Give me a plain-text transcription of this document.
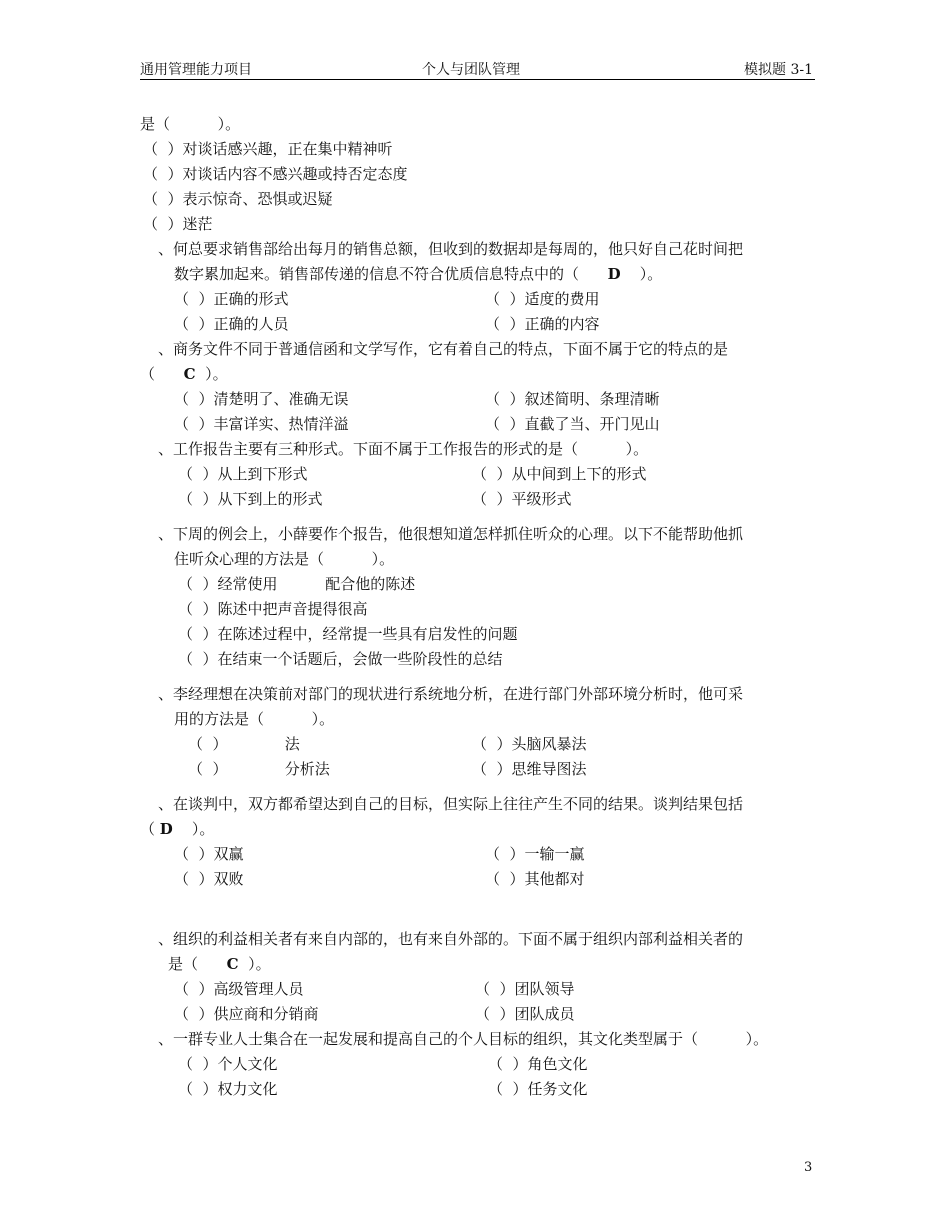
通用管理能力项目	个人与团队管理	模拟题 3-1
是（          ）。
（  ）对谈话感兴趣，正在集中精神听
（  ）对谈话内容不感兴趣或持否定态度
（  ）表示惊奇、恐惧或迟疑
（  ）迷茫
、何总要求销售部给出每月的销售总额，但收到的数据却是每周的，他只好自己花时间把
数字累加起来。销售部传递的信息不符合优质信息特点中的（ D ）。
（  ）正确的形式	（  ）适度的费用
（  ）正确的人员	（  ）正确的内容
、商务文件不同于普通信函和文学写作，它有着自己的特点，下面不属于它的特点的是
（ C ）。
（  ）清楚明了、准确无误	（  ）叙述简明、条理清晰
（  ）丰富详实、热情洋溢	（  ）直截了当、开门见山
、工作报告主要有三种形式。下面不属于工作报告的形式的是（          ）。
（  ）从上到下形式	（  ）从中间到上下的形式
（  ）从下到上的形式	（  ）平级形式
、下周的例会上，小薛要作个报告，他很想知道怎样抓住听众的心理。以下不能帮助他抓
住听众心理的方法是（          ）。
（  ）经常使用          配合他的陈述
（  ）陈述中把声音提得很高
（  ）在陈述过程中，经常提一些具有启发性的问题
（  ）在结束一个话题后，会做一些阶段性的总结
、李经理想在决策前对部门的现状进行系统地分析，在进行部门外部环境分析时，他可采
用的方法是（          ）。
（  ）            法	（  ）头脑风暴法
（  ）            分析法	（  ）思维导图法
、在谈判中，双方都希望达到自己的目标，但实际上往往产生不同的结果。谈判结果包括
（ D    ）。
（  ）双赢	（  ）一输一赢
（  ）双败	（  ）其他都对
、组织的利益相关者有来自内部的，也有来自外部的。下面不属于组织内部利益相关者的
是（      C  ）。
（  ）高级管理人员	（  ）团队领导
（  ）供应商和分销商	（  ）团队成员
、一群专业人士集合在一起发展和提高自己的个人目标的组织，其文化类型属于（          ）。
（  ）个人文化	（  ）角色文化
（  ）权力文化	（  ）任务文化
3
